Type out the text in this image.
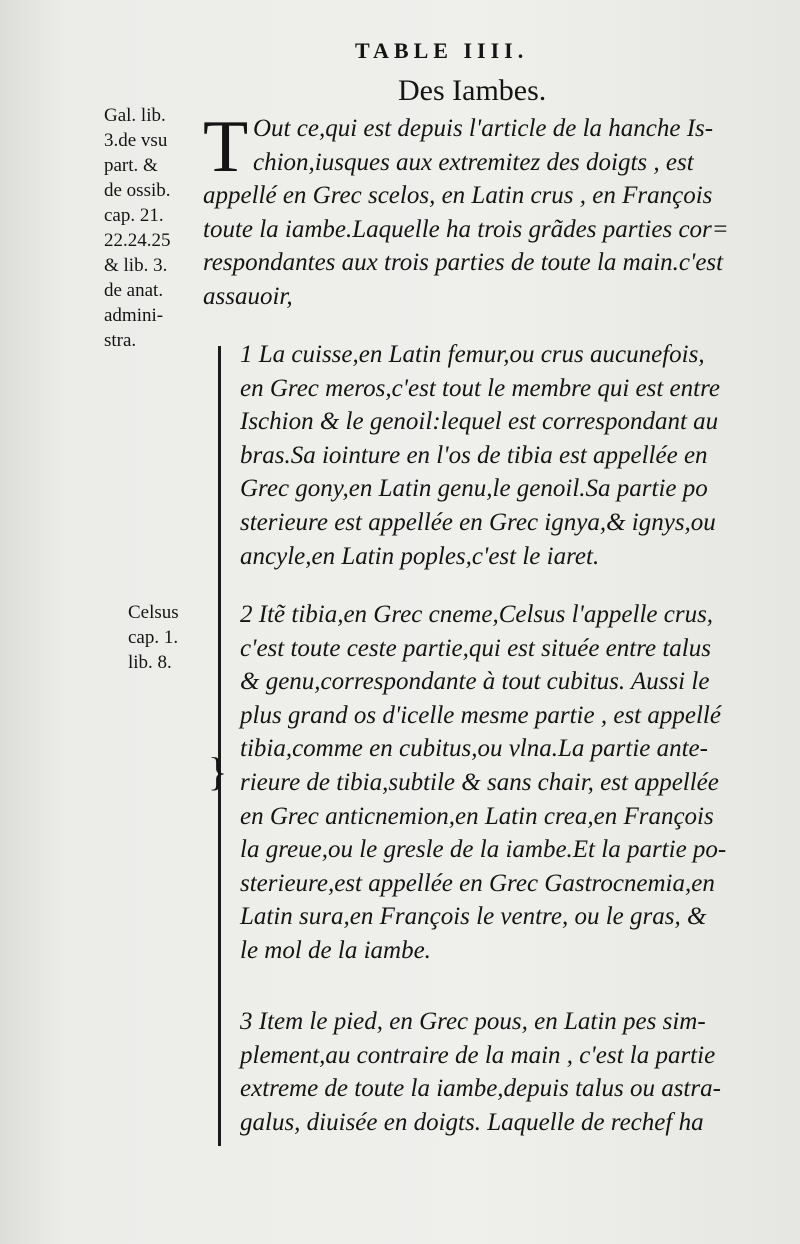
TABLE IIII.
Des Iambes.
Gal. lib.
3.de vsu
part. &
de ossib.
cap. 21.
22.24.25
& lib. 3.
de anat.
admini-
stra.
Celsus
cap. 1.
lib. 8.
T Out ce,qui est depuis l'article de la hanche Is-
chion,iusques aux extremitez des doigts , est
appellé en Grec scelos, en Latin crus , en François
toute la iambe.Laquelle ha trois grãdes parties cor=
respondantes aux trois parties de toute la main.c'est
assauoir,
}
1 La cuisse,en Latin femur,ou crus aucunefois,
en Grec meros,c'est tout le membre qui est entre
Ischion & le genoil:lequel est correspondant au
bras.Sa iointure en l'os de tibia est appellée en
Grec gony,en Latin genu,le genoil.Sa partie po
sterieure est appellée en Grec ignya,& ignys,ou
ancyle,en Latin poples,c'est le iaret.
2 Itẽ tibia,en Grec cneme,Celsus l'appelle crus,
c'est toute ceste partie,qui est située entre talus
& genu,correspondante à tout cubitus. Aussi le
plus grand os d'icelle mesme partie , est appellé
tibia,comme en cubitus,ou vlna.La partie ante-
rieure de tibia,subtile & sans chair, est appellée
en Grec anticnemion,en Latin crea,en François
la greue,ou le gresle de la iambe.Et la partie po-
sterieure,est appellée en Grec Gastrocnemia,en
Latin sura,en François le ventre, ou le gras, &
le mol de la iambe.
3 Item le pied, en Grec pous, en Latin pes sim-
plement,au contraire de la main , c'est la partie
extreme de toute la iambe,depuis talus ou astra-
galus, diuisée en doigts. Laquelle de rechef ha
